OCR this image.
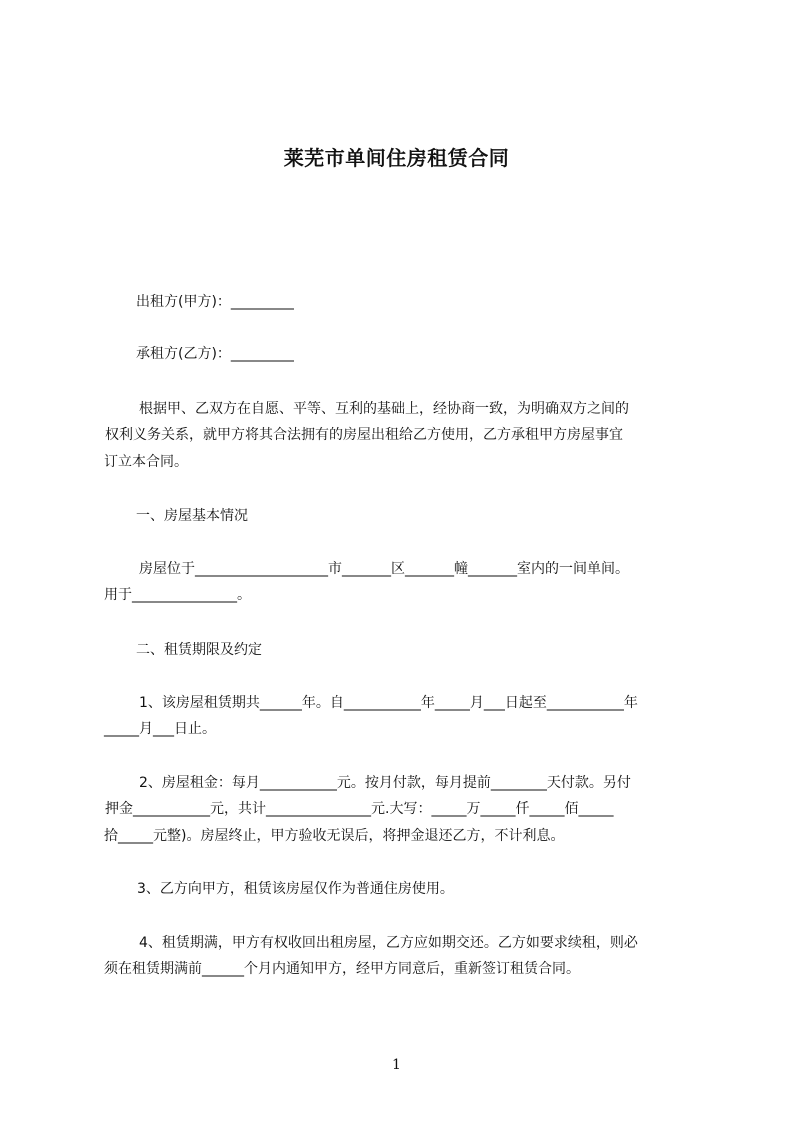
莱芜市单间住房租赁合同
出租方(甲方)：_________
承租方(乙方)：_________
根据甲、乙双方在自愿、平等、互利的基础上，经协商一致，为明确双方之间的
权利义务关系，就甲方将其合法拥有的房屋出租给乙方使用，乙方承租甲方房屋事宜
订立本合同。
一、房屋基本情况
房屋位于___________________市_______区_______幢_______室内的一间单间。
用于_______________。
二、租赁期限及约定
1、该房屋租赁期共______年。自___________年_____月___日起至___________年
_____月___日止。
2、房屋租金：每月___________元。按月付款，每月提前________天付款。另付
押金___________元，共计_______________元.大写：_____万_____仟_____佰_____
拾_____元整)。房屋终止，甲方验收无误后，将押金退还乙方，不计利息。
3、乙方向甲方，租赁该房屋仅作为普通住房使用。
4、租赁期满，甲方有权收回出租房屋，乙方应如期交还。乙方如要求续租，则必
须在租赁期满前______个月内通知甲方，经甲方同意后，重新签订租赁合同。
1
